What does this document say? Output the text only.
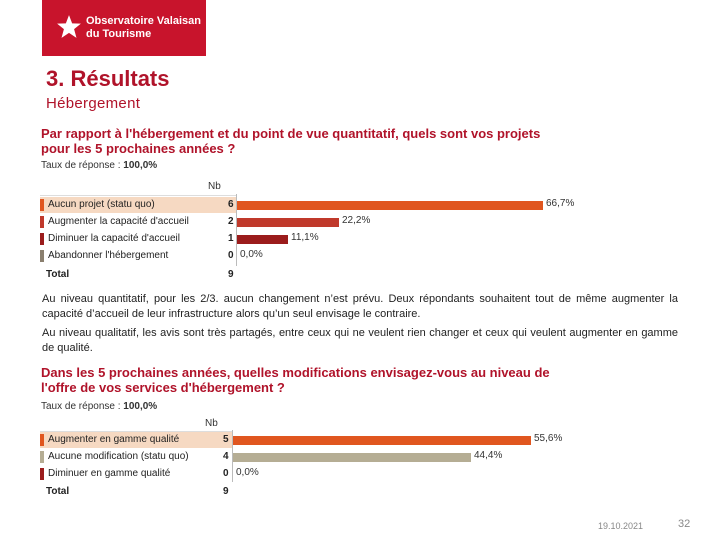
Observatoire Valaisan
du Tourisme
3. Résultats
Hébergement
Par rapport à l'hébergement et du point de vue quantitatif, quels sont vos projets
pour les 5 prochaines années ?
Taux de réponse : 100,0%
Nb
Aucun projet (statu quo)	6	66,7%
Augmenter la capacité d'accueil	2	22,2%
Diminuer la capacité d'accueil	1	11,1%
Abandonner l'hébergement	0 0,0%
Total	9
Au niveau quantitatif, pour les 2/3. aucun changement n’est prévu. Deux répondants souhaitent tout de même augmenter la capacité d’accueil de leur infrastructure alors qu’un seul envisage le contraire.
Au niveau qualitatif, les avis sont très partagés, entre ceux qui ne veulent rien changer et ceux qui veulent augmenter en gamme de qualité.
Dans les 5 prochaines années, quelles modifications envisagez-vous au niveau de
l'offre de vos services d'hébergement ?
Taux de réponse : 100,0%
Nb
Augmenter en gamme qualité	5	55,6%
Aucune modification (statu quo)	4	44,4%
Diminuer en gamme qualité	0 0,0%
Total	9
19.10.2021	32
